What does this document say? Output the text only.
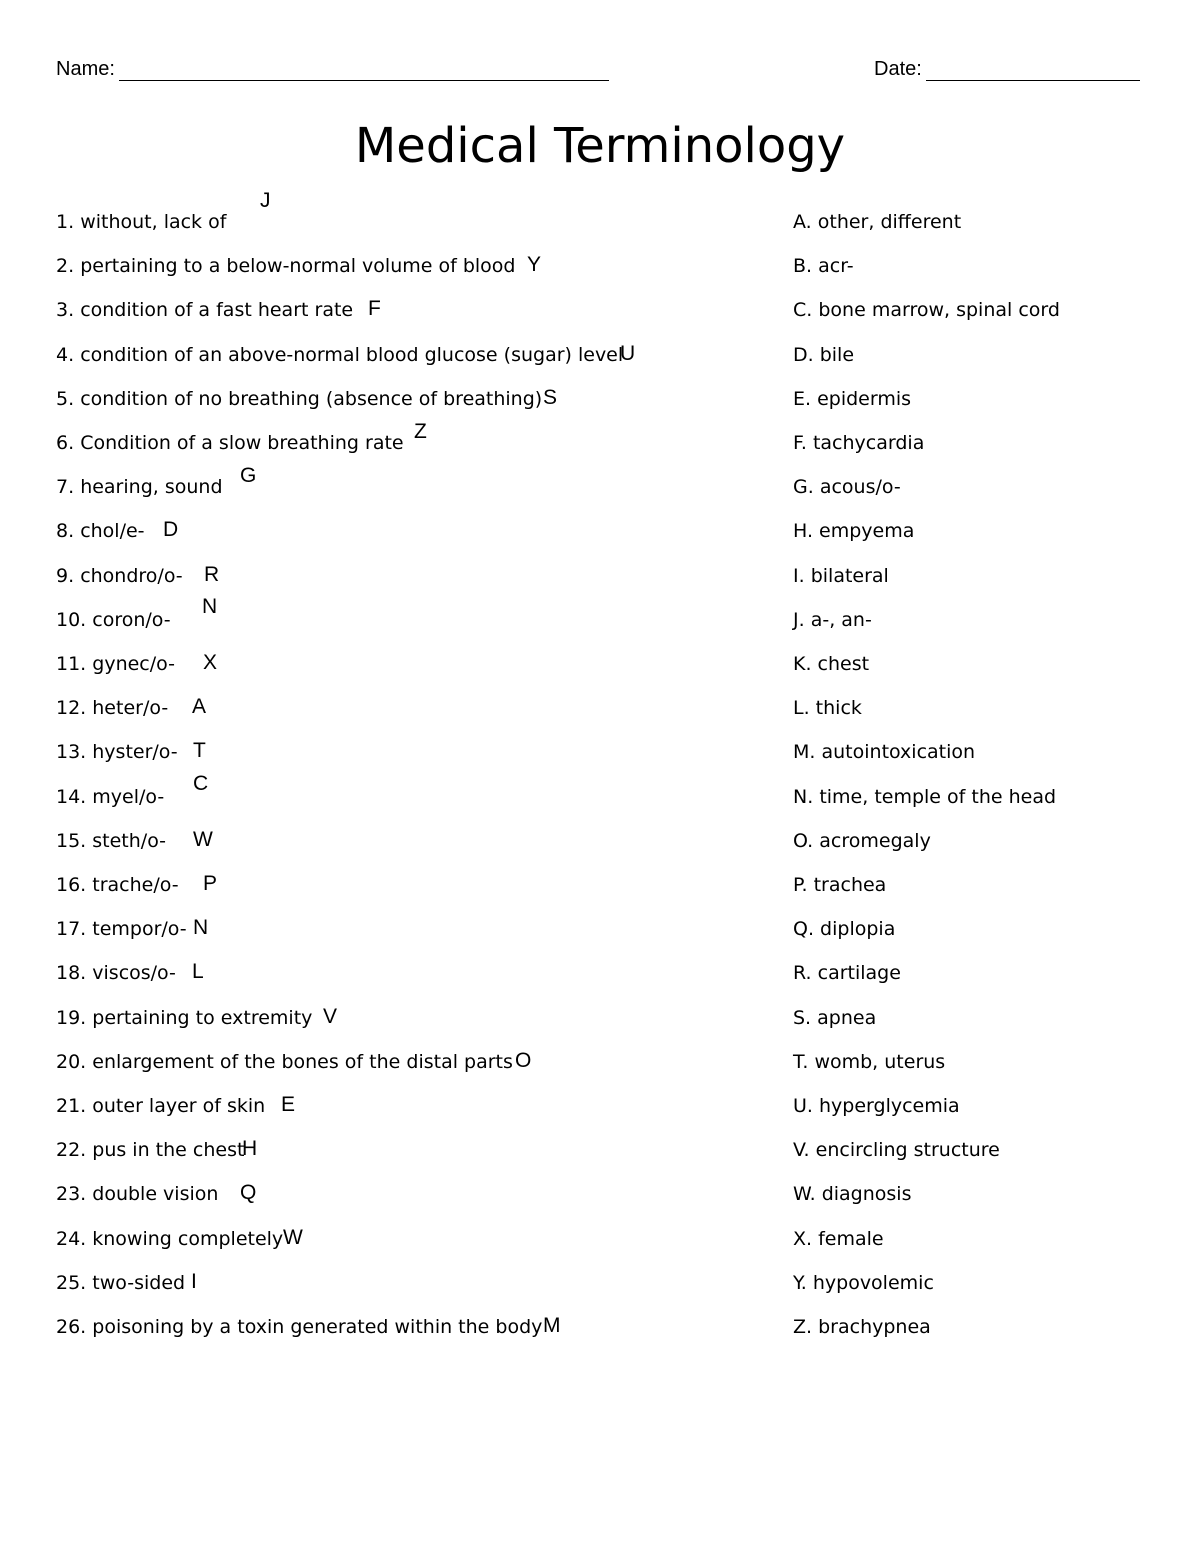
Name:	Date:
Medical Terminology
1. without, lack of
J
2. pertaining to a below-normal volume of blood Y
3. condition of a fast heart rate F
4. condition of an above-normal blood glucose (sugar) level
U
5. condition of no breathing (absence of breathing) S
6. Condition of a slow breathing rate Z
7. hearing, sound G
8. chol/e- D
9. chondro/o- R
10. coron/o-
N
11. gynec/o- X
12. heter/o- A
13. hyster/o- T
14. myel/o-
C
15. steth/o- W
16. trache/o- P
17. tempor/o- N
18. viscos/o- L
19. pertaining to extremity V
20. enlargement of the bones of the distal parts O
21. outer layer of skin E
22. pus in the chest
H
23. double vision Q
24. knowing completely W
25. two-sided I
26. poisoning by a toxin generated within the body M
A. other, different
B. acr-
C. bone marrow, spinal cord
D. bile
E. epidermis
F. tachycardia
G. acous/o-
H. empyema
I. bilateral
J. a-, an-
K. chest
L. thick
M. autointoxication
N. time, temple of the head
O. acromegaly
P. trachea
Q. diplopia
R. cartilage
S. apnea
T. womb, uterus
U. hyperglycemia
V. encircling structure
W. diagnosis
X. female
Y. hypovolemic
Z. brachypnea
